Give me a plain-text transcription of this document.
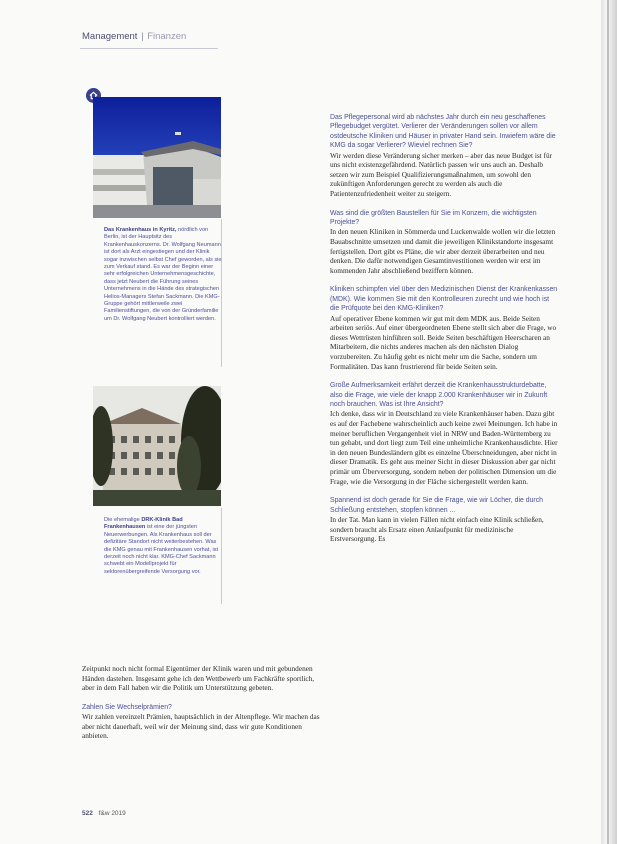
Management | Finanzen
Das Krankenhaus in Kyritz, nördlich von Berlin, ist der Hauptsitz des Krankenhauskonzerns. Dr. Wolfgang Neumann ist dort als Arzt eingestiegen und der Klinik sogar inzwischen selbst Chef geworden, als sie zum Verkauf stand. Es war der Beginn einer sehr erfolgreichen Unternehmensgeschichte, dass jetzt Neubert die Führung seines Unternehmens in die Hände des strategischen Helios-Managers Stefan Sackmann. Die KMG-Gruppe gehört mittlerweile zwei Familienstiftungen, die von der Gründerfamilie um Dr. Wolfgang Neubert kontrolliert werden.
Die ehemalige DRK-Klinik Bad Frankenhausen ist eine der jüngsten Neuerwerbungen. Als Krankenhaus soll der defizitäre Standort nicht weiterbestehen. Was die KMG genau mit Frankenhausen vorhat, ist derzeit noch nicht klar. KMG-Chef Sackmann schwebt ein Modellprojekt für sektorenübergreifende Versorgung vor.

Das Pflegepersonal wird ab nächstes Jahr durch ein neu geschaffenes Pflegebudget vergütet. Verlierer der Veränderungen sollen vor allem ostdeutsche Kliniken und Häuser in privater Hand sein. Inwiefern wäre die KMG da sogar Verlierer? Wieviel rechnen Sie?
Wir werden diese Veränderung sicher merken – aber das neue Budget ist für uns nicht existenzgefährdend. Natürlich passen wir uns auch an. Deshalb setzen wir zum Beispiel Qualifizierungsmaßnahmen, um sowohl den zukünftigen Anforderungen gerecht zu werden als auch die Patientenzufriedenheit weiter zu steigern.

Was sind die größten Baustellen für Sie im Konzern, die wichtigsten Projekte?
In den neuen Kliniken in Sömmerda und Luckenwalde wollen wir die letzten Bauabschnitte umsetzen und damit die jeweiligen Klinikstandorte insgesamt fertigstellen. Dort gibt es Pläne, die wir aber derzeit überarbeiten und neu denken. Die dafür notwendigen Gesamtinvestitionen werden wir erst im kommenden Jahr abschließend beziffern können.

Kliniken schimpfen viel über den Medizinischen Dienst der Krankenkassen (MDK). Wie kommen Sie mit den Kontrolleuren zurecht und wie hoch ist die Prüfquote bei den KMG-Kliniken?
Auf operativer Ebene kommen wir gut mit dem MDK aus. Beide Seiten arbeiten seriös. Auf einer übergeordneten Ebene stellt sich aber die Frage, wo dieses Wettrüsten hinführen soll. Beide Seiten beschäftigen Heerscharen an Mitarbeitern, die nichts anderes machen als den nächsten Dialog vorzubereiten. Zu häufig geht es nicht mehr um die Sache, sondern um Formalitäten. Das kann frustrierend für beide Seiten sein.

Große Aufmerksamkeit erfährt derzeit die Krankenhausstrukturdebatte, also die Frage, wie viele der knapp 2.000 Krankenhäuser wir in Zukunft noch brauchen. Was ist Ihre Ansicht?
Ich denke, dass wir in Deutschland zu viele Krankenhäuser haben. Dazu gibt es auf der Fachebene wahrscheinlich auch keine zwei Meinungen. Ich habe in meiner beruflichen Vergangenheit viel in NRW und Baden-Württemberg zu tun gehabt, und dort liegt zum Teil eine unheimliche Krankenhausdichte. Hier in den neuen Bundesländern gibt es einzelne Überschneidungen, aber nicht in dieser Dramatik. Es geht aus meiner Sicht in dieser Diskussion aber gar nicht primär um Überversorgung, sondern neben der politischen Dimension um die Frage, wie die Versorgung in der Fläche sichergestellt werden kann.

Spannend ist doch gerade für Sie die Frage, wie wir Löcher, die durch Schließung entstehen, stopfen können ...
In der Tat. Man kann in vielen Fällen nicht einfach eine Klinik schließen, sondern braucht als Ersatz einen Anlaufpunkt für medizinische Erstversorgung. Es

Zeitpunkt noch nicht formal Eigentümer der Klinik waren und mit gebundenen Händen dastehen. Insgesamt gehe ich den Wettbewerb um Fachkräfte sportlich, aber in dem Fall haben wir die Politik um Unterstützung gebeten.

Zahlen Sie Wechselprämien?
Wir zahlen vereinzelt Prämien, hauptsächlich in der Altenpflege. Wir machen das aber nicht dauerhaft, weil wir der Meinung sind, dass wir gute Konditionen anbieten.

522 f&w 2019
